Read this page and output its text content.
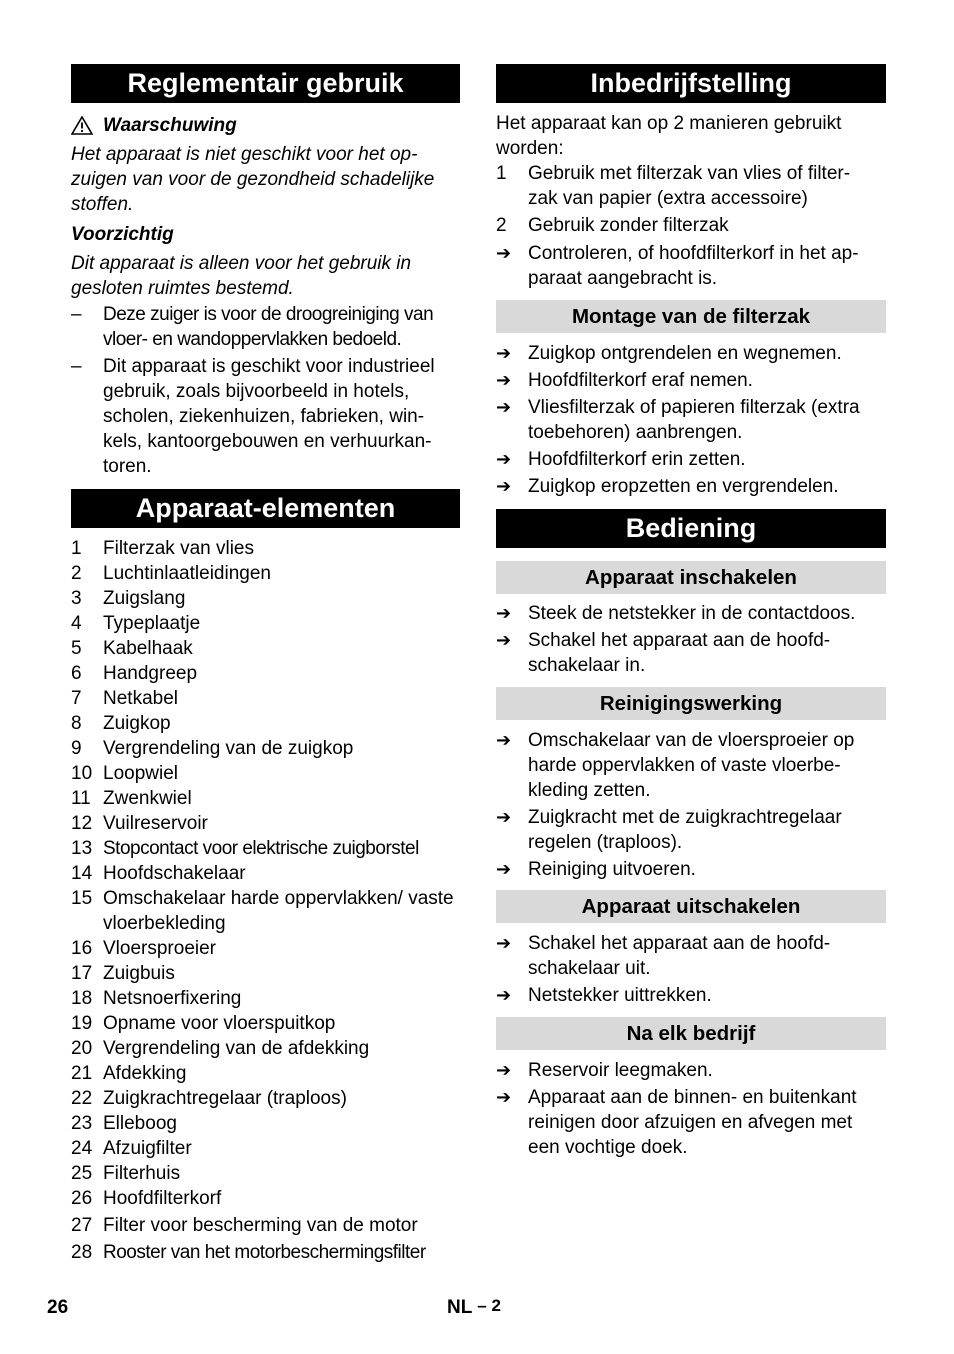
Reglementair gebruik
Waarschuwing
Het apparaat is niet geschikt voor het op-
zuigen van voor de gezondheid schadelijke
stoffen.
Voorzichtig
Dit apparaat is alleen voor het gebruik in
gesloten ruimtes bestemd.
–	Deze zuiger is voor de droogreiniging van
vloer- en wandoppervlakken bedoeld.
–	Dit apparaat is geschikt voor industrieel
gebruik, zoals bijvoorbeeld in hotels,
scholen, ziekenhuizen, fabrieken, win-
kels, kantoorgebouwen en verhuurkan-
toren.
Apparaat-elementen
1	Filterzak van vlies
2	Luchtinlaatleidingen
3	Zuigslang
4	Typeplaatje
5	Kabelhaak
6	Handgreep
7	Netkabel
8	Zuigkop
9	Vergrendeling van de zuigkop
10 Loopwiel
11 Zwenkwiel
12 Vuilreservoir
13 Stopcontact voor elektrische zuigborstel
14 Hoofdschakelaar
15 Omschakelaar harde oppervlakken/ vaste vloerbekleding
16 Vloersproeier
17 Zuigbuis
18 Netsnoerfixering
19 Opname voor vloerspuitkop
20 Vergrendeling van de afdekking
21 Afdekking
22 Zuigkrachtregelaar (traploos)
23 Elleboog
24 Afzuigfilter
25 Filterhuis
26 Hoofdfilterkorf
27 Filter voor bescherming van de motor
28 Rooster van het motorbeschermingsfilter
Inbedrijfstelling
Het apparaat kan op 2 manieren gebruikt
worden:
1	Gebruik met filterzak van vlies of filter-
zak van papier (extra accessoire)
2	Gebruik zonder filterzak
➔ Controleren, of hoofdfilterkorf in het ap-
paraat aangebracht is.
Montage van de filterzak
➔ Zuigkop ontgrendelen en wegnemen.
➔ Hoofdfilterkorf eraf nemen.
➔ Vliesfilterzak of papieren filterzak (extra
toebehoren) aanbrengen.
➔ Hoofdfilterkorf erin zetten.
➔ Zuigkop eropzetten en vergrendelen.
Bediening
Apparaat inschakelen
➔ Steek de netstekker in de contactdoos.
➔ Schakel het apparaat aan de hoofd-
schakelaar in.
Reinigingswerking
➔ Omschakelaar van de vloersproeier op
harde oppervlakken of vaste vloerbe-
kleding zetten.
➔ Zuigkracht met de zuigkrachtregelaar
regelen (traploos).
➔ Reiniging uitvoeren.
Apparaat uitschakelen
➔ Schakel het apparaat aan de hoofd-
schakelaar uit.
➔ Netstekker uittrekken.
Na elk bedrijf
➔ Reservoir leegmaken.
➔ Apparaat aan de binnen- en buitenkant
reinigen door afzuigen en afvegen met
een vochtige doek.
26	NL – 2
